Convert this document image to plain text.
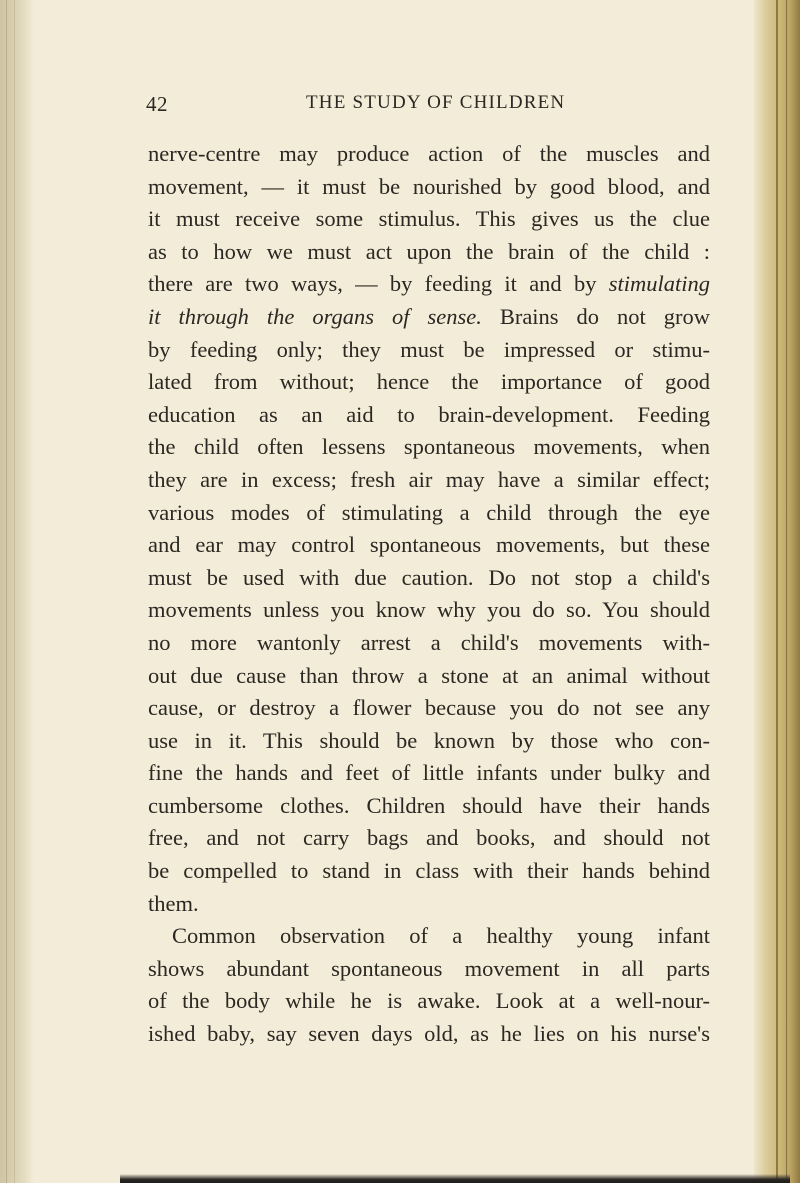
42	THE STUDY OF CHILDREN
nerve-centre may produce action of the muscles and
movement, — it must be nourished by good blood, and
it must receive some stimulus. This gives us the clue
as to how we must act upon the brain of the child :
there are two ways, — by feeding it and by stimulating
it through the organs of sense. Brains do not grow
by feeding only; they must be impressed or stimu-
lated from without; hence the importance of good
education as an aid to brain-development. Feeding
the child often lessens spontaneous movements, when
they are in excess; fresh air may have a similar effect;
various modes of stimulating a child through the eye
and ear may control spontaneous movements, but these
must be used with due caution. Do not stop a child's
movements unless you know why you do so. You should
no more wantonly arrest a child's movements with-
out due cause than throw a stone at an animal without
cause, or destroy a flower because you do not see any
use in it. This should be known by those who con-
fine the hands and feet of little infants under bulky and
cumbersome clothes. Children should have their hands
free, and not carry bags and books, and should not
be compelled to stand in class with their hands behind
them.
Common observation of a healthy young infant
shows abundant spontaneous movement in all parts
of the body while he is awake. Look at a well-nour-
ished baby, say seven days old, as he lies on his nurse's
